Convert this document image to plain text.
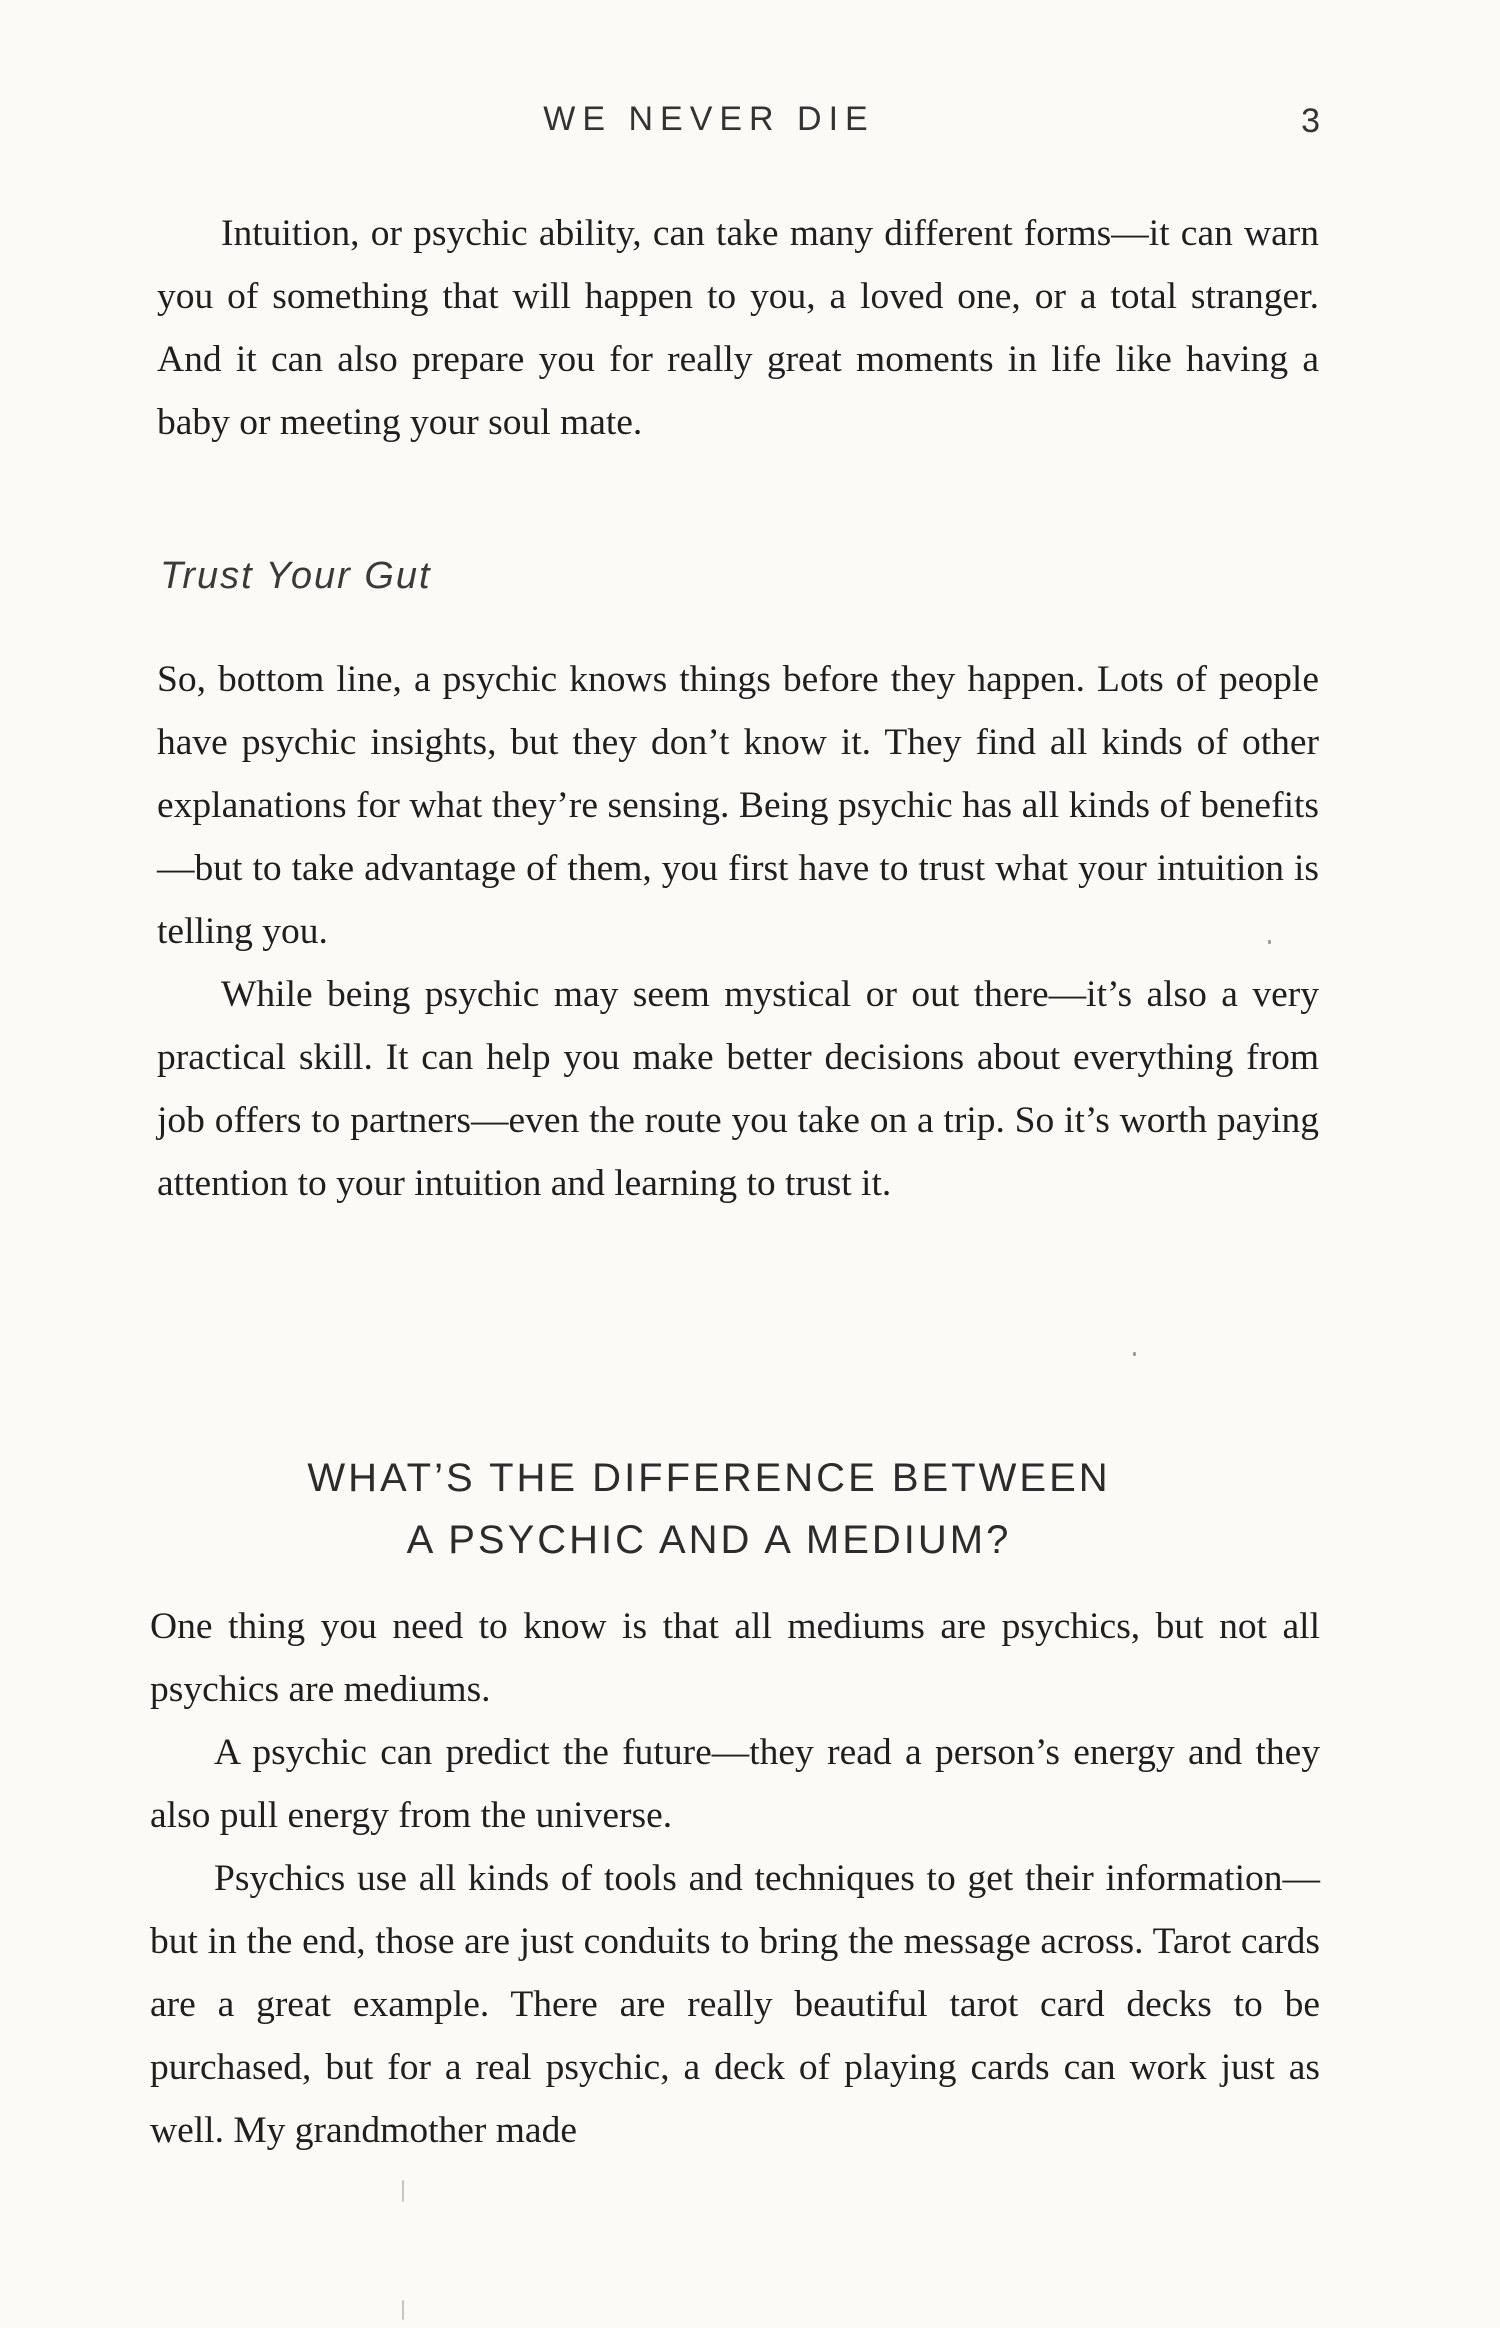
WE NEVER DIE	3

Intuition, or psychic ability, can take many different forms—it can warn you of something that will happen to you, a loved one, or a total stranger. And it can also prepare you for really great moments in life like having a baby or meeting your soul mate.

Trust Your Gut

So, bottom line, a psychic knows things before they happen. Lots of people have psychic insights, but they don’t know it. They find all kinds of other explanations for what they’re sensing. Being psychic has all kinds of benefits—but to take advantage of them, you first have to trust what your intuition is telling you.

While being psychic may seem mystical or out there—it’s also a very practical skill. It can help you make better decisions about everything from job offers to partners—even the route you take on a trip. So it’s worth paying attention to your intuition and learning to trust it.

WHAT’S THE DIFFERENCE BETWEEN
A PSYCHIC AND A MEDIUM?

One thing you need to know is that all mediums are psychics, but not all psychics are mediums.

A psychic can predict the future—they read a person’s energy and they also pull energy from the universe.

Psychics use all kinds of tools and techniques to get their information—but in the end, those are just conduits to bring the message across. Tarot cards are a great example. There are really beautiful tarot card decks to be purchased, but for a real psychic, a deck of playing cards can work just as well. My grandmother made
